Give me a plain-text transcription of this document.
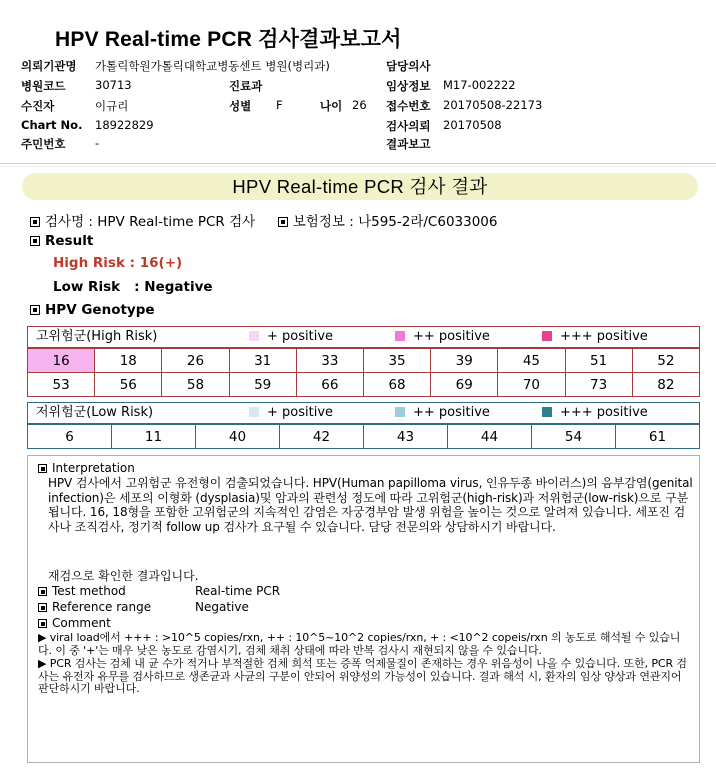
HPV Real-time PCR 검사결과보고서
의뢰기관명 가톨릭학원가톨릭대학교병동센트 병원(병리과)
병원코드	30713
수진자	이규리
Chart No. 18922829
주민번호	-
진료과
성별 F	나이 26
담당의사
임상정보 M17-002222
접수번호 20170508-22173
검사의뢰 20170508
결과보고
HPV Real-time PCR 검사 결과
검사명 : HPV Real-time PCR 검사	보험정보 : 나595-2라/C6033006
Result
High Risk : 16(+)
Low Risk   : Negative
HPV Genotype
고위험군(High Risk)	+ positive	++ positive	+++ positive
16	18	26	31	33	35	39	45	51	52
53	56	58	59	66	68	69	70	73	82
저위험군(Low Risk)	+ positive	++ positive	+++ positive
6	11	40	42	43	44	54	61
Interpretation
HPV 검사에서 고위험군 유전형이 검출되었습니다. HPV(Human papilloma virus, 인유두종 바이러스)의 음부감염(genital infection)은 세포의 이형화 (dysplasia)및 암과의 관련성 정도에 따라 고위험군(high-risk)과 저위험군(low-risk)으로 구분됩니다. 16, 18형을 포함한 고위험군의 지속적인 감염은 자궁경부암 발생 위험을 높이는 것으로 알려져 있습니다. 세포진 검사나 조직검사, 정기적 follow up 검사가 요구될 수 있습니다. 담당 전문의와 상담하시기 바랍니다.
재검으로 확인한 결과입니다.
Test method	Real-time PCR
Reference range	Negative
Comment
▶ viral load에서 +++ : >10^5 copies/rxn, ++ : 10^5~10^2 copies/rxn, + : <10^2 copeis/rxn 의 농도로 해석될 수 있습니다. 이 중 '+'는 매우 낮은 농도로 감염시기, 검체 채취 상태에 따라 반복 검사시 재현되지 않을 수 있습니다.
▶ PCR 검사는 검체 내 균 수가 적거나 부적절한 검체 희석 또는 증폭 억제물질이 존재하는 경우 위음성이 나올 수 있습니다. 또한, PCR 검사는 유전자 유무를 검사하므로 생존균과 사균의 구분이 안되어 위양성의 가능성이 있습니다. 결과 해석 시, 환자의 임상 양상과 연관지어 판단하시기 바랍니다.
